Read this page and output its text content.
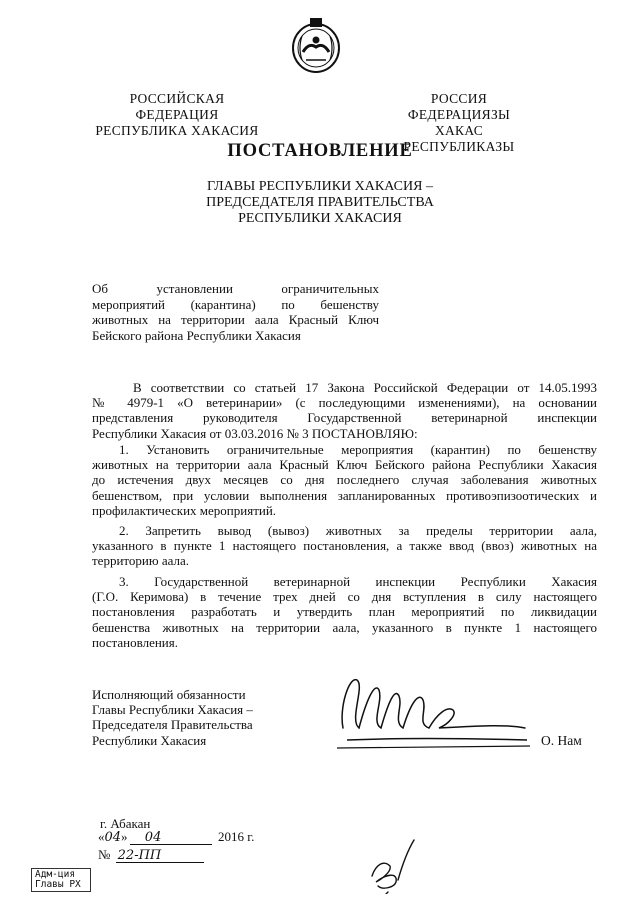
РОССИЙСКАЯ ФЕДЕРАЦИЯ
РЕСПУБЛИКА ХАКАСИЯ
РОССИЯ ФЕДЕРАЦИЯЗЫ
ХАКАС РЕСПУБЛИКАЗЫ
ПОСТАНОВЛЕНИЕ
ГЛАВЫ РЕСПУБЛИКИ ХАКАСИЯ –
ПРЕДСЕДАТЕЛЯ ПРАВИТЕЛЬСТВА
РЕСПУБЛИКИ ХАКАСИЯ
Об установлении ограничительных
мероприятий (карантина) по бешенству
животных на территории аала Красный Ключ
Бейского района Республики Хакасия
В соответствии со статьей 17 Закона Российской Федерации от 14.05.1993
№ 4979-1 «О ветеринарии» (с последующими изменениями), на основании
представления руководителя Государственной ветеринарной инспекции
Республики Хакасия от 03.03.2016 № 3 ПОСТАНОВЛЯЮ:
1. Установить ограничительные мероприятия (карантин) по бешенству
животных на территории аала Красный Ключ Бейского района Республики Хакасия
до истечения двух месяцев со дня последнего случая заболевания животных
бешенством, при условии выполнения запланированных противоэпизоотических и
профилактических мероприятий.
2. Запретить вывод (вывоз) животных за пределы территории аала,
указанного в пункте 1 настоящего постановления, а также ввод (ввоз) животных на
территорию аала.
3. Государственной ветеринарной инспекции Республики Хакасия
(Г.О. Керимова) в течение трех дней со дня вступления в силу настоящего
постановления разработать и утвердить план мероприятий по ликвидации
бешенства животных на территории аала, указанного в пункте 1 настоящего
постановления.
Исполняющий обязанности
Главы Республики Хакасия –
Председателя Правительства
Республики Хакасия	О. Нам
г. Абакан
«04» 04	2016 г.
№ 22-ПП
Адм-ция
Главы РХ
